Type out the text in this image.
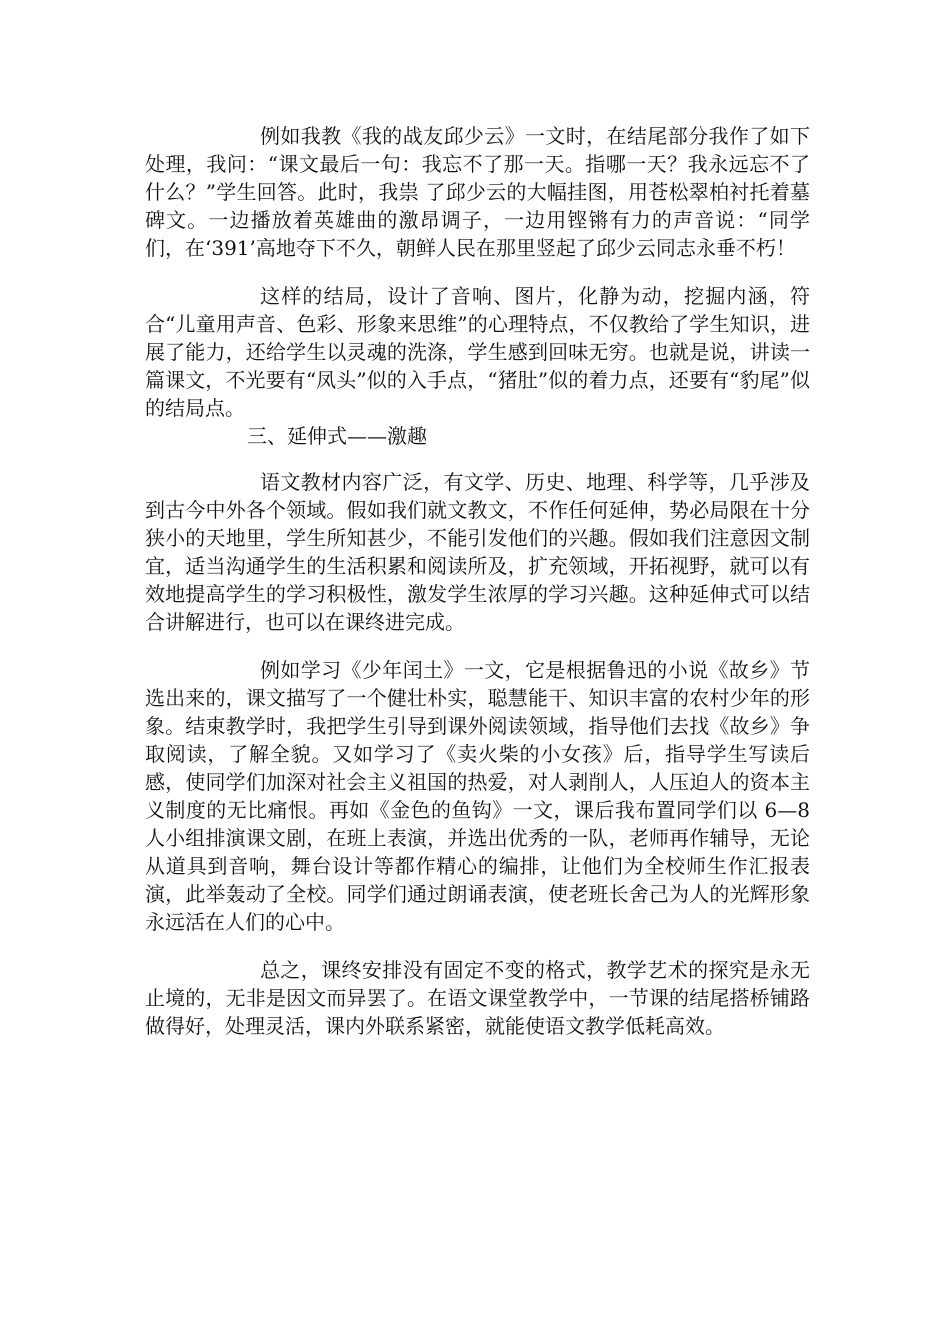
例如我教《我的战友邱少云》一文时，在结尾部分我作了如下处理，我问：“课文最后一句：我忘不了那一天。指哪一天？我永远忘不了什么？”学生回答。此时，我祟 了邱少云的大幅挂图，用苍松翠柏衬托着墓碑文。一边播放着英雄曲的激昂调子，一边用铿锵有力的声音说：“同学们，在‘391’高地夺下不久，朝鲜人民在那里竖起了邱少云同志永垂不朽！

这样的结局，设计了音响、图片，化静为动，挖掘内涵，符合“儿童用声音、色彩、形象来思维”的心理特点，不仅教给了学生知识，进展了能力，还给学生以灵魂的洗涤，学生感到回味无穷。也就是说，讲读一篇课文，不光要有“凤头”似的入手点，“猪肚”似的着力点，还要有“豹尾”似的结局点。

三、延伸式——激趣

语文教材内容广泛，有文学、历史、地理、科学等，几乎涉及到古今中外各个领域。假如我们就文教文，不作任何延伸，势必局限在十分狭小的天地里，学生所知甚少，不能引发他们的兴趣。假如我们注意因文制宜，适当沟通学生的生活积累和阅读所及，扩充领域，开拓视野，就可以有效地提高学生的学习积极性，激发学生浓厚的学习兴趣。这种延伸式可以结合讲解进行，也可以在课终进完成。

例如学习《少年闰土》一文，它是根据鲁迅的小说《故乡》节选出来的，课文描写了一个健壮朴实，聪慧能干、知识丰富的农村少年的形象。结束教学时，我把学生引导到课外阅读领域，指导他们去找《故乡》争取阅读，了解全貌。又如学习了《卖火柴的小女孩》后，指导学生写读后感，使同学们加深对社会主义祖国的热爱，对人剥削人，人压迫人的资本主义制度的无比痛恨。再如《金色的鱼钩》一文，课后我布置同学们以 6—8 人小组排演课文剧，在班上表演，并选出优秀的一队，老师再作辅导，无论从道具到音响，舞台设计等都作精心的编排，让他们为全校师生作汇报表演，此举轰动了全校。同学们通过朗诵表演，使老班长舍己为人的光辉形象永远活在人们的心中。

总之，课终安排没有固定不变的格式，教学艺术的探究是永无止境的，无非是因文而异罢了。在语文课堂教学中，一节课的结尾搭桥铺路做得好，处理灵活，课内外联系紧密，就能使语文教学低耗高效。
